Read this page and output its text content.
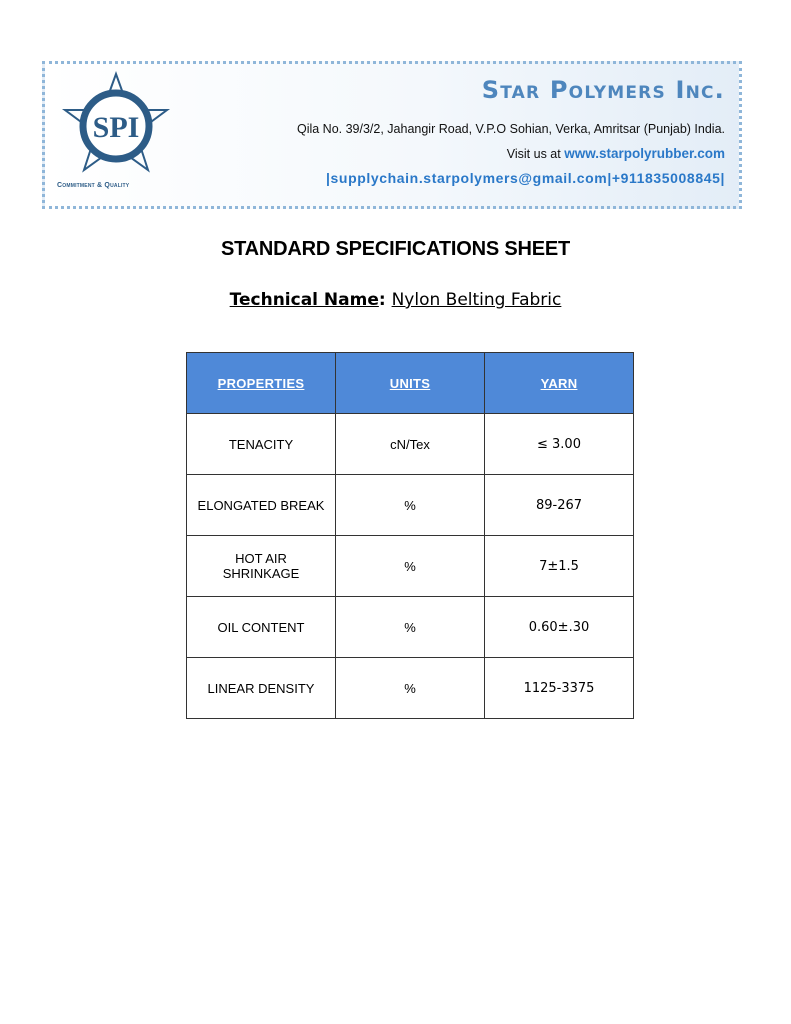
SPI
Commitment & Quality
Star Polymers Inc.
Qila No. 39/3/2, Jahangir Road, V.P.O Sohian, Verka, Amritsar (Punjab) India.
Visit us at www.starpolyrubber.com
|supplychain.starpolymers@gmail.com|+911835008845|
STANDARD SPECIFICATIONS SHEET
Technical Name: Nylon Belting Fabric
PROPERTIES	UNITS	YARN
TENACITY	cN/Tex	≤ 3.00
ELONGATED BREAK	%	89-267
HOT AIR SHRINKAGE	%	7±1.5
OIL CONTENT	%	0.60±.30
LINEAR DENSITY	%	1125-3375
